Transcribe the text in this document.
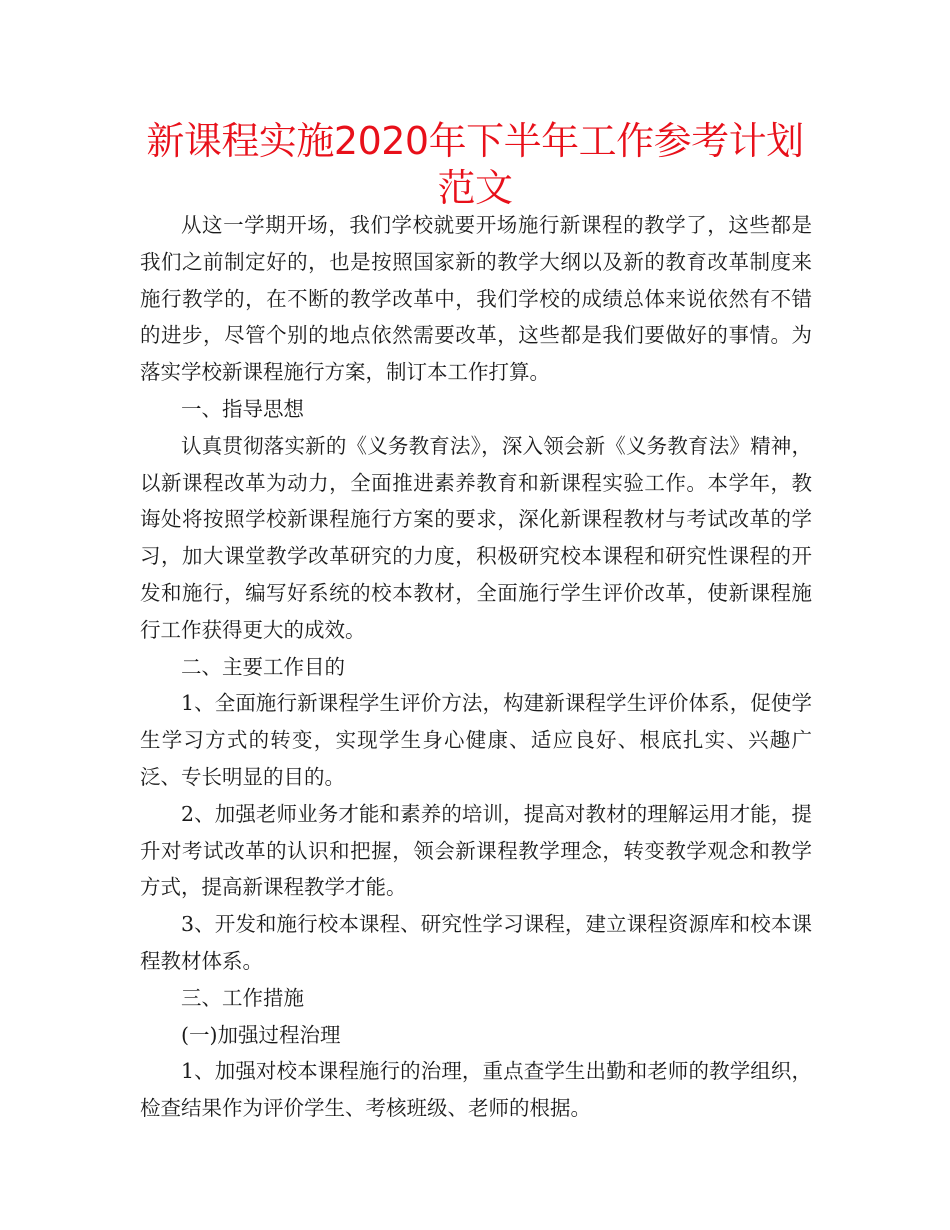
新课程实施2020年下半年工作参考计划范文

从这一学期开场，我们学校就要开场施行新课程的教学了，这些都是我们之前制定好的，也是按照国家新的教学大纲以及新的教育改革制度来施行教学的，在不断的教学改革中，我们学校的成绩总体来说依然有不错的进步，尽管个别的地点依然需要改革，这些都是我们要做好的事情。为落实学校新课程施行方案，制订本工作打算。

一、指导思想

认真贯彻落实新的《义务教育法》，深入领会新《义务教育法》精神，以新课程改革为动力，全面推进素养教育和新课程实验工作。本学年，教诲处将按照学校新课程施行方案的要求，深化新课程教材与考试改革的学习，加大课堂教学改革研究的力度，积极研究校本课程和研究性课程的开发和施行，编写好系统的校本教材，全面施行学生评价改革，使新课程施行工作获得更大的成效。

二、主要工作目的

1、全面施行新课程学生评价方法，构建新课程学生评价体系，促使学生学习方式的转变，实现学生身心健康、适应良好、根底扎实、兴趣广泛、专长明显的目的。

2、加强老师业务才能和素养的培训，提高对教材的理解运用才能，提升对考试改革的认识和把握，领会新课程教学理念，转变教学观念和教学方式，提高新课程教学才能。

3、开发和施行校本课程、研究性学习课程，建立课程资源库和校本课程教材体系。

三、工作措施

(一)加强过程治理

1、加强对校本课程施行的治理，重点查学生出勤和老师的教学组织，检查结果作为评价学生、考核班级、老师的根据。
